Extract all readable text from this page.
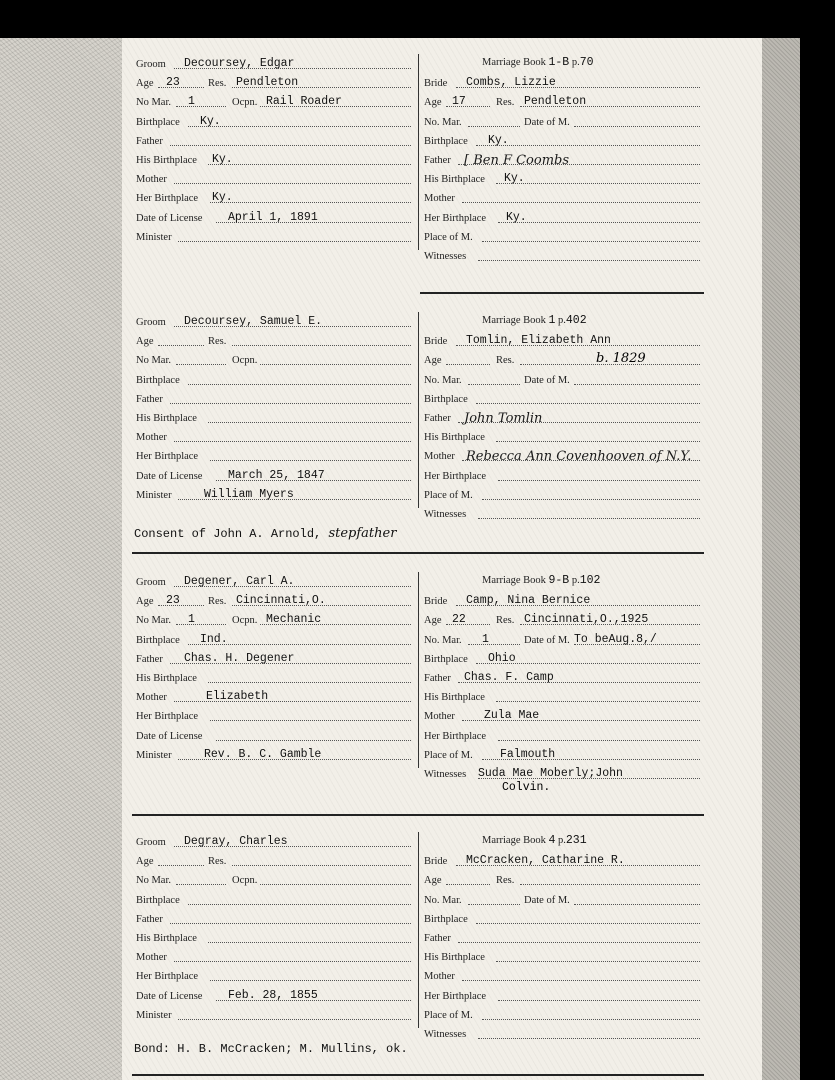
Groom Decoursey, Edgar
Age 23	Res. Pendleton
No Mar. 1	Ocpn. Rail Roader
Birthplace Ky.
Father
His Birthplace Ky.
Mother
Her Birthplace Ky.
Date of License April 1, 1891
Minister
Marriage Book 1-B p.70
Bride Combs, Lizzie
Age 17	Res. Pendleton
No. Mar.	Date of M.
Birthplace Ky.
Father [ Ben F Coombs
His Birthplace Ky.
Mother
Her Birthplace Ky.
Place of M.
Witnesses
Groom Decoursey, Samuel E.
Age	Res.
No Mar.	Ocpn.
Birthplace
Father
His Birthplace
Mother
Her Birthplace
Date of License March 25, 1847
Minister	William Myers
Marriage Book 1 p.402
Bride Tomlin, Elizabeth Ann
Age	Res.	b. 1829
No. Mar.	Date of M.
Birthplace
Father John Tomlin
His Birthplace
Mother Rebecca Ann Covenhooven of N.Y.
Her Birthplace
Place of M.
Witnesses
Consent of John A. Arnold, stepfather
Groom Degener, Carl A.
Age 23	Res. Cincinnati,O.
No Mar. 1	Ocpn. Mechanic
Birthplace Ind.
Father Chas. H. Degener
His Birthplace
Mother	Elizabeth
Her Birthplace
Date of License
Minister	Rev. B. C. Gamble
Marriage Book 9-B p.102
Bride Camp, Nina Bernice
Age 22	Res. Cincinnati,O.,1925
No. Mar. 1	Date of M. To beAug.8,/
Birthplace Ohio
Father Chas. F. Camp
His Birthplace
Mother	Zula Mae
Her Birthplace
Place of M. Falmouth
Witnesses Suda Mae Moberly;John
Colvin.
Groom Degray, Charles
Age	Res.
No Mar.	Ocpn.
Birthplace
Father
His Birthplace
Mother
Her Birthplace
Date of License Feb. 28, 1855
Minister
Marriage Book 4 p.231
Bride McCracken, Catharine R.
Age	Res.
No. Mar.	Date of M.
Birthplace
Father
His Birthplace
Mother
Her Birthplace
Place of M.
Witnesses
Bond: H. B. McCracken; M. Mullins, ok.
